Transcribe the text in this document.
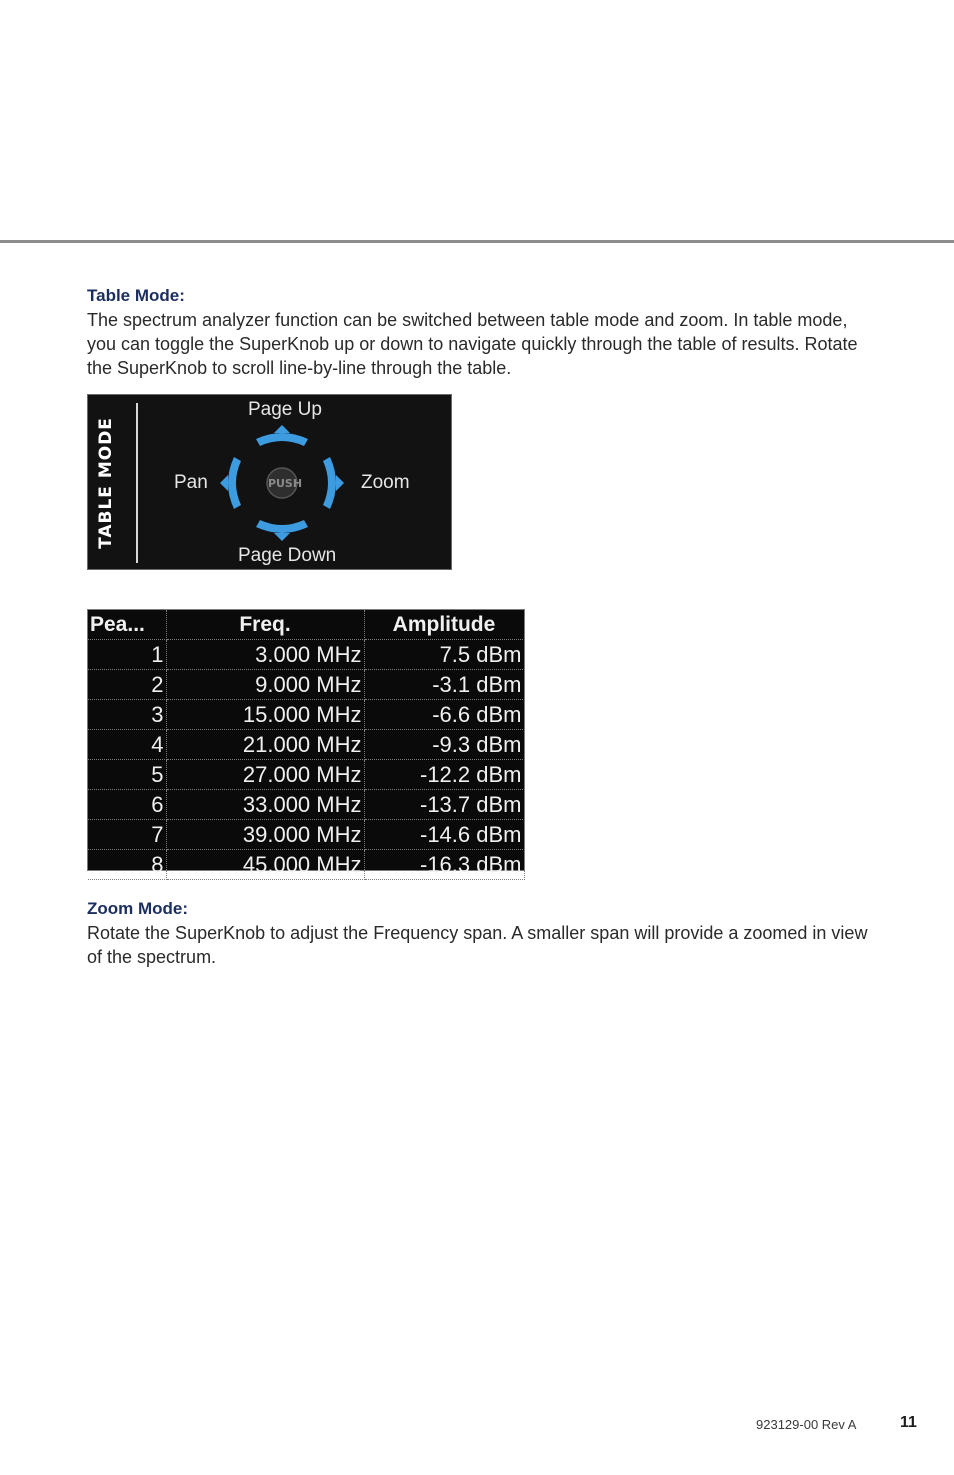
Table Mode:
The spectrum analyzer function can be switched between table mode and zoom. In table mode, you can toggle the SuperKnob up or down to navigate quickly through the table of results. Rotate the SuperKnob to scroll line-by-line through the table.
TABLE MODE	PUSH
Page Up
Page Down
Pan	Zoom
Pea...	Freq.	Amplitude
1	3.000 MHz	7.5 dBm
2	9.000 MHz	-3.1 dBm
3	15.000 MHz	-6.6 dBm
4	21.000 MHz	-9.3 dBm
5	27.000 MHz	-12.2 dBm
6	33.000 MHz	-13.7 dBm
7	39.000 MHz	-14.6 dBm
8	45.000 MHz	-16.3 dBm
Zoom Mode:
Rotate the SuperKnob to adjust the Frequency span. A smaller span will provide a zoomed in view of the spectrum.
923129-00 Rev A	11
